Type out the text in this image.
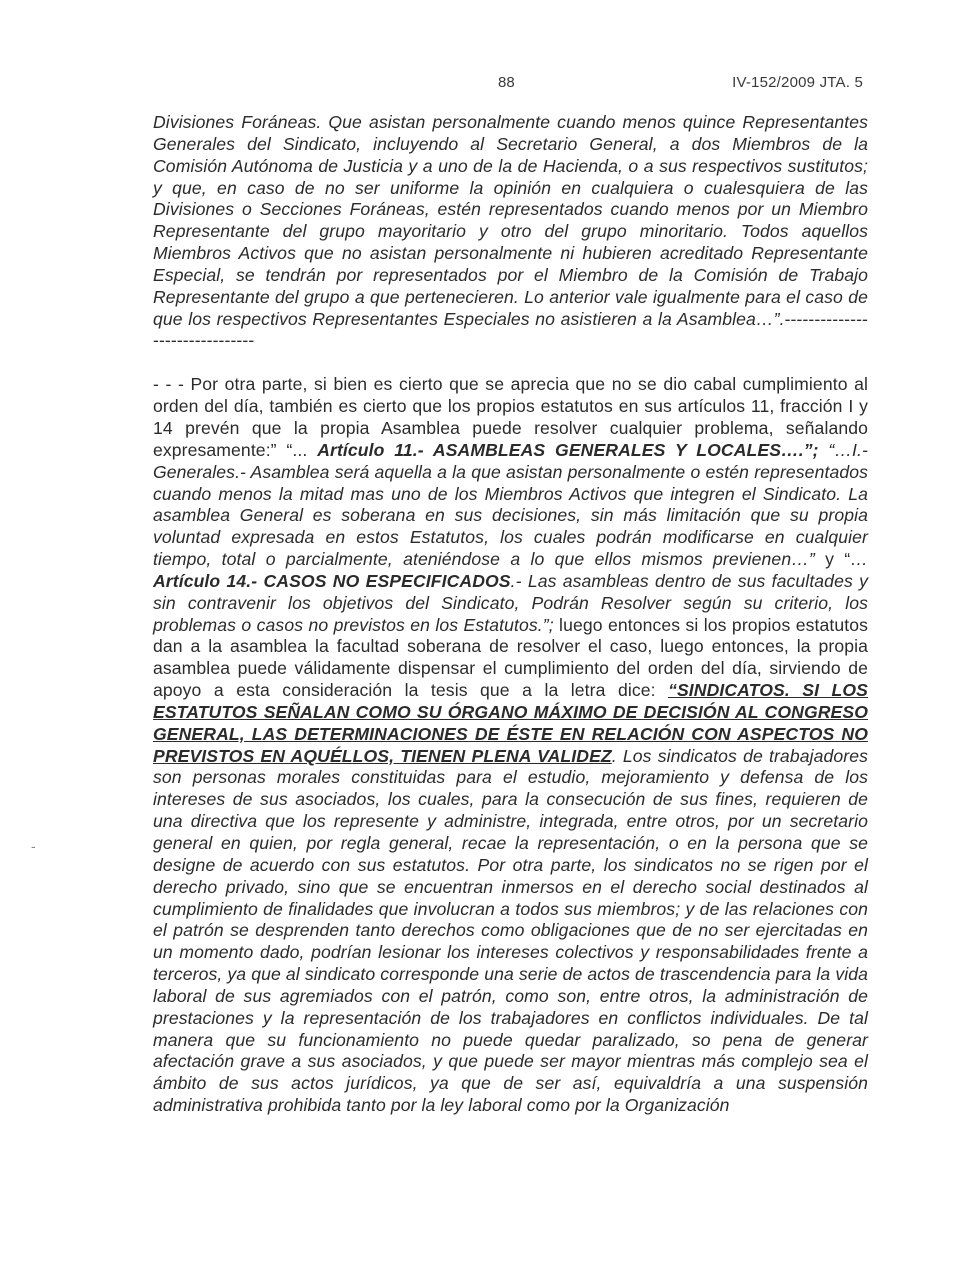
88	IV-152/2009 JTA. 5

Divisiones Foráneas. Que asistan personalmente cuando menos quince Representantes Generales del Sindicato, incluyendo al Secretario General, a dos Miembros de la Comisión Autónoma de Justicia y a uno de la de Hacienda, o a sus respectivos sustitutos; y que, en caso de no ser uniforme la opinión en cualquiera o cualesquiera de las Divisiones o Secciones Foráneas, estén representados cuando menos por un Miembro Representante del grupo mayoritario y otro del grupo minoritario. Todos aquellos Miembros Activos que no asistan personalmente ni hubieren acreditado Representante Especial, se tendrán por representados por el Miembro de la Comisión de Trabajo Representante del grupo a que pertenecieren. Lo anterior vale igualmente para el caso de que los respectivos Representantes Especiales no asistieren a la Asamblea…”.-------------------------------

- - - Por otra parte, si bien es cierto que se aprecia que no se dio cabal cumplimiento al orden del día, también es cierto que los propios estatutos en sus artículos 11, fracción I y 14 prevén que la propia Asamblea puede resolver cualquier problema, señalando expresamente:” “... Artículo 11.- ASAMBLEAS GENERALES Y LOCALES….”; “…I.- Generales.- Asamblea será aquella a la que asistan personalmente o estén representados cuando menos la mitad mas uno de los Miembros Activos que integren el Sindicato. La asamblea General es soberana en sus decisiones, sin más limitación que su propia voluntad expresada en estos Estatutos, los cuales podrán modificarse en cualquier tiempo, total o parcialmente, ateniéndose a lo que ellos mismos previenen…” y “…Artículo 14.- CASOS NO ESPECIFICADOS.- Las asambleas dentro de sus facultades y sin contravenir los objetivos del Sindicato, Podrán Resolver según su criterio, los problemas o casos no previstos en los Estatutos.”; luego entonces si los propios estatutos dan a la asamblea la facultad soberana de resolver el caso, luego entonces, la propia asamblea puede válidamente dispensar el cumplimiento del orden del día, sirviendo de apoyo a esta consideración la tesis que a la letra dice: “SINDICATOS. SI LOS ESTATUTOS SEÑALAN COMO SU ÓRGANO MÁXIMO DE DECISIÓN AL CONGRESO GENERAL, LAS DETERMINACIONES DE ÉSTE EN RELACIÓN CON ASPECTOS NO PREVISTOS EN AQUÉLLOS, TIENEN PLENA VALIDEZ. Los sindicatos de trabajadores son personas morales constituidas para el estudio, mejoramiento y defensa de los intereses de sus asociados, los cuales, para la consecución de sus fines, requieren de una directiva que los represente y administre, integrada, entre otros, por un secretario general en quien, por regla general, recae la representación, o en la persona que se designe de acuerdo con sus estatutos. Por otra parte, los sindicatos no se rigen por el derecho privado, sino que se encuentran inmersos en el derecho social destinados al cumplimiento de finalidades que involucran a todos sus miembros; y de las relaciones con el patrón se desprenden tanto derechos como obligaciones que de no ser ejercitadas en un momento dado, podrían lesionar los intereses colectivos y responsabilidades frente a terceros, ya que al sindicato corresponde una serie de actos de trascendencia para la vida laboral de sus agremiados con el patrón, como son, entre otros, la administración de prestaciones y la representación de los trabajadores en conflictos individuales. De tal manera que su funcionamiento no puede quedar paralizado, so pena de generar afectación grave a sus asociados, y que puede ser mayor mientras más complejo sea el ámbito de sus actos jurídicos, ya que de ser así, equivaldría a una suspensión administrativa prohibida tanto por la ley laboral como por la Organización

-
